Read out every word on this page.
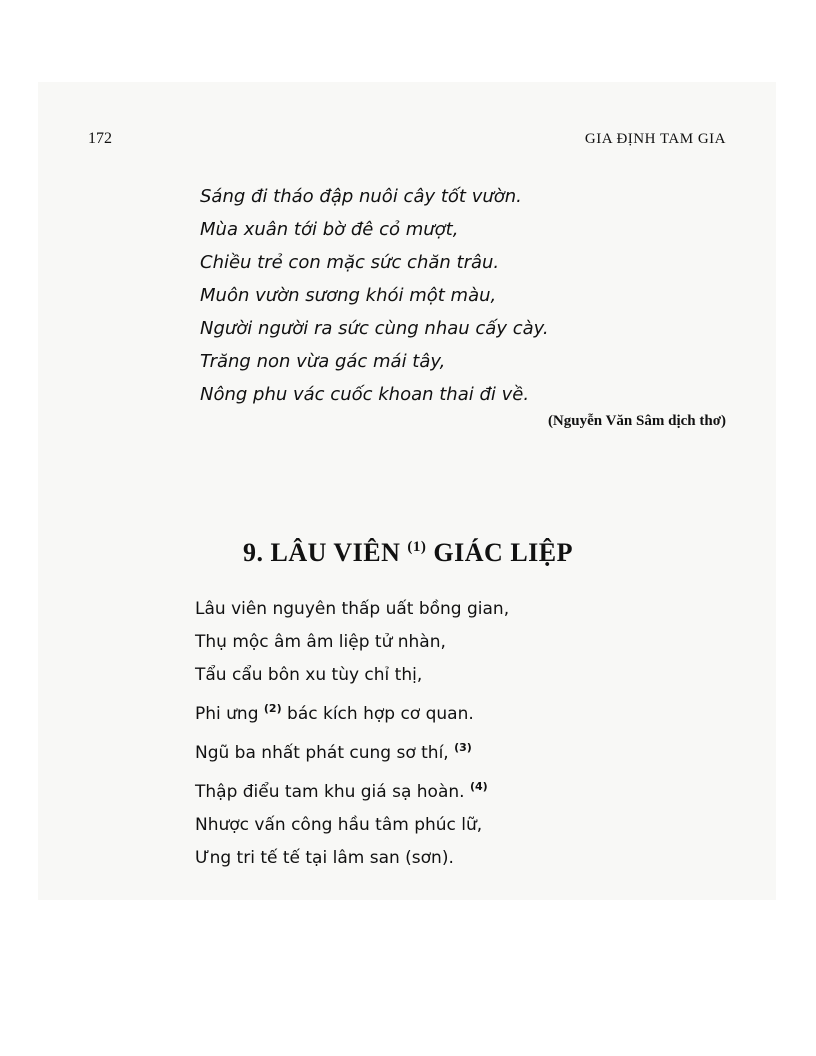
172	GIA ĐỊNH TAM GIA
Sáng đi tháo đập nuôi cây tốt vườn.
Mùa xuân tới bờ đê cỏ mượt,
Chiều trẻ con mặc sức chăn trâu.
Muôn vườn sương khói một màu,
Người người ra sức cùng nhau cấy cày.
Trăng non vừa gác mái tây,
Nông phu vác cuốc khoan thai đi về.
(Nguyễn Văn Sâm dịch thơ)
9. LÂU VIÊN $^{(1)}$ GIÁC LIỆP
Lâu viên nguyên thấp uất bồng gian,
Thụ mộc âm âm liệp tử nhàn,
Tẩu cẩu bôn xu tùy chỉ thị,
Phi ưng $^{(2)}$ bác kích hợp cơ quan.
Ngũ ba nhất phát cung sơ thí, $^{(3)}$
Thập điểu tam khu giá sạ hoàn. $^{(4)}$
Nhược vấn công hầu tâm phúc lữ,
Ưng tri tế tế tại lâm san (sơn).
